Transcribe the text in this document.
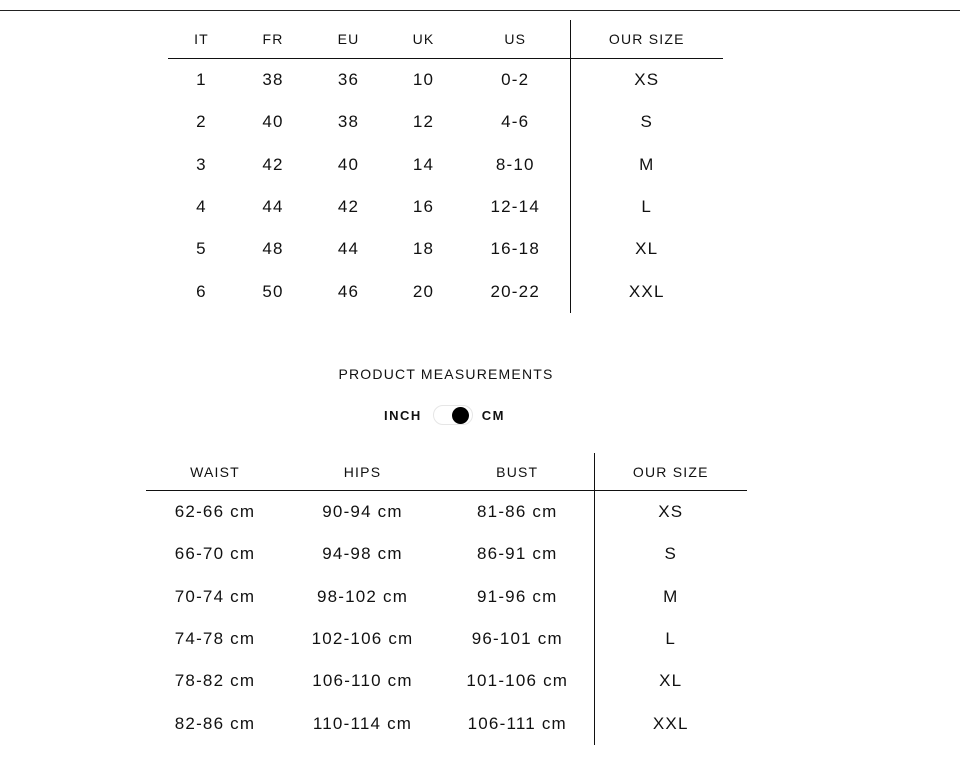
IT	FR	EU	UK	US	OUR SIZE
1	38	36	10	0-2	XS
2	40	38	12	4-6	S
3	42	40	14	8-10	M
4	44	42	16	12-14	L
5	48	44	18	16-18	XL
6	50	46	20	20-22	XXL
PRODUCT MEASUREMENTS
INCH	CM
WAIST	HIPS	BUST	OUR SIZE
62-66 cm	90-94 cm	81-86 cm	XS
66-70 cm	94-98 cm	86-91 cm	S
70-74 cm	98-102 cm	91-96 cm	M
74-78 cm	102-106 cm	96-101 cm	L
78-82 cm	106-110 cm	101-106 cm	XL
82-86 cm	110-114 cm	106-111 cm	XXL
